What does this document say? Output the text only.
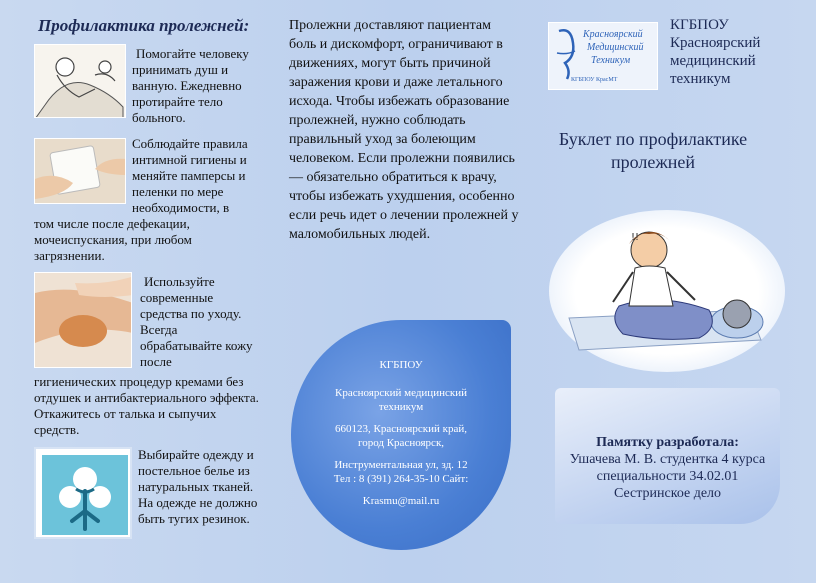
Профилактика пролежней:
Помогайте человеку принимать душ и ванную. Ежедневно протирайте тело больного.
Соблюдайте правила интимной гигиены и меняйте памперсы и пеленки по мере необходимости, в
том числе после дефекации, мочеиспускания, при любом загрязнении.
Используйте современные средства по уходу. Всегда обрабатывайте кожу после
гигиенических процедур кремами без отдушек и антибактериального эффекта. Откажитесь от талька и сыпучих средств.
Выбирайте одежду и постельное белье из натуральных тканей. На одежде не должно быть тугих резинок.
Пролежни доставляют пациентам боль и дискомфорт, ограничивают в движениях, могут быть причиной заражения крови и даже летального исхода. Чтобы избежать образование пролежней, нужно соблюдать правильный уход за болеющим человеком. Если пролежни появились — обязательно обратиться к врачу, чтобы избежать ухудшения, особенно если речь идет о лечении пролежней у маломобильных людей.
КГБПОУ
Красноярский медицинский техникум
660123, Красноярский край, город Красноярск,
Инструментальная ул, зд. 12
Тел : 8 (391) 264-35-10 Сайт:
Krasmu@mail.ru
Красноярский
Медицинский
Техникум
КГБПОУ КрасМТ
КГБПОУ
Красноярский
медицинский
техникум
Буклет по профилактике пролежней
!!
Памятку разработала:
Ушачева М. В. студентка 4 курса
специальности 34.02.01
Сестринское дело
